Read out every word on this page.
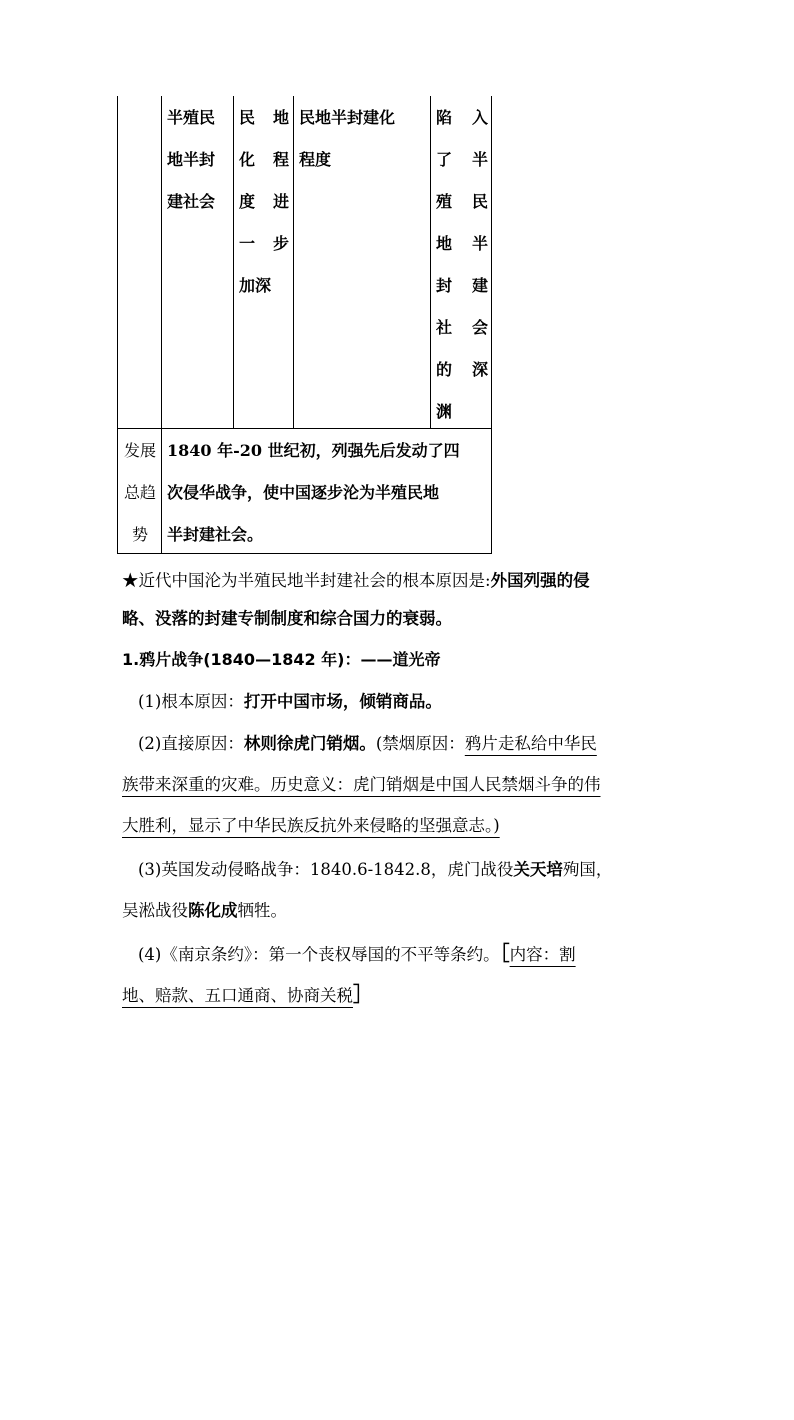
半殖民
地半封
建社会
民 地
化 程
度 进
一 步
加深
民地半封建化
程度
陷 入
了 半
殖 民
地 半
封 建
社 会
的 深
渊
发展
总趋
势
1840 年-20 世纪初，列强先后发动了四
次侵华战争，使中国逐步沦为半殖民地
半封建社会。
★近代中国沦为半殖民地半封建社会的根本原因是:外国列强的侵
略、没落的封建专制制度和综合国力的衰弱。
1.鸦片战争(1840—1842 年)：——道光帝
(1)根本原因：打开中国市场，倾销商品。
(2)直接原因：林则徐虎门销烟。(禁烟原因：鸦片走私给中华民
族带来深重的灾难。历史意义：虎门销烟是中国人民禁烟斗争的伟
大胜利，显示了中华民族反抗外来侵略的坚强意志。)
(3)英国发动侵略战争：1840.6-1842.8，虎门战役关天培殉国，
吴淞战役陈化成牺牲。
(4)《南京条约》：第一个丧权辱国的不平等条约。［内容：割
地、赔款、五口通商、协商关税］
